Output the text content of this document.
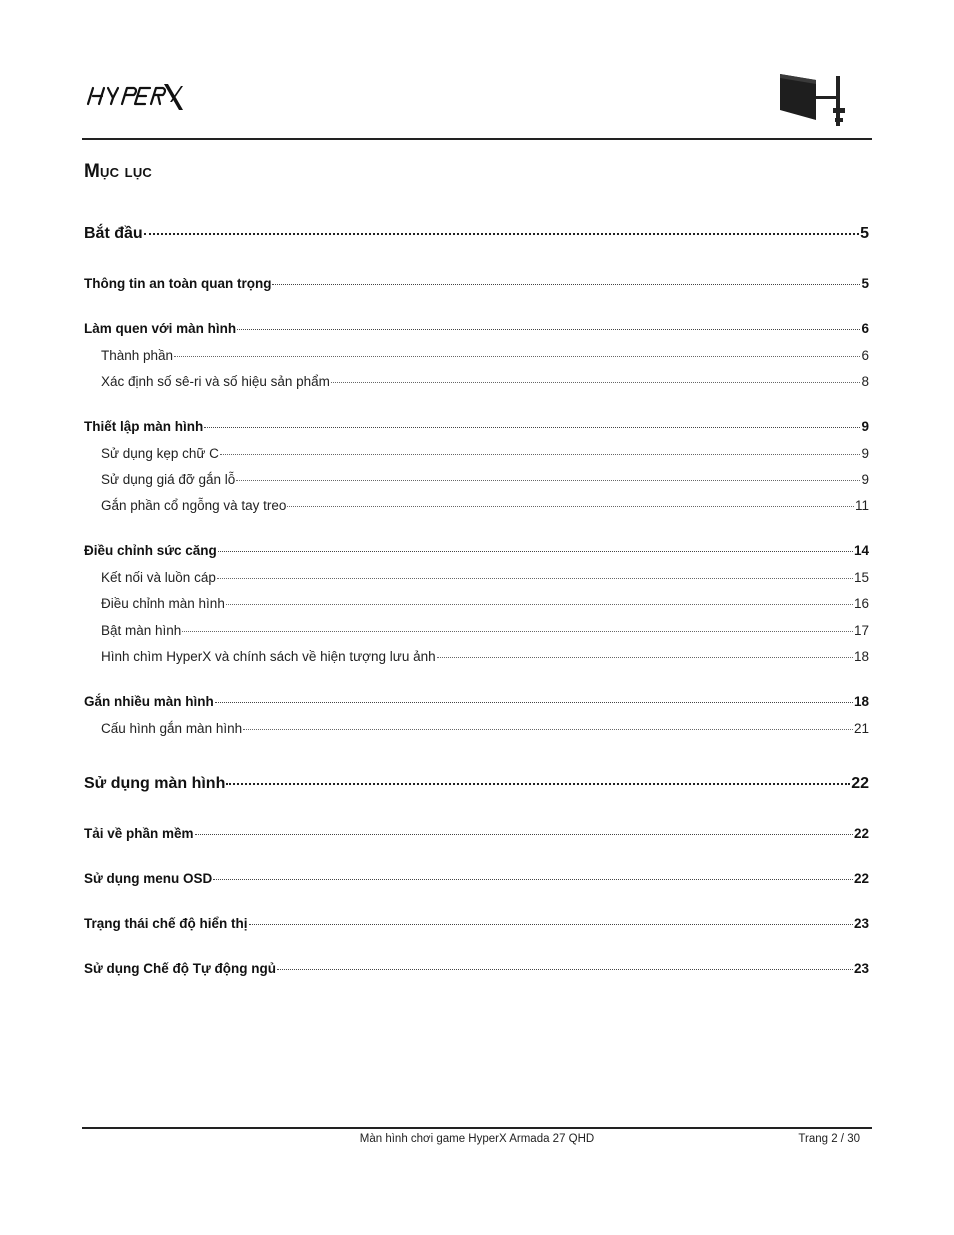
Mục lục
Bắt đầu	5
Thông tin an toàn quan trọng	5
Làm quen với màn hình	6
Thành phần	6
Xác định số sê-ri và số hiệu sản phẩm	8
Thiết lập màn hình	9
Sử dụng kẹp chữ C	9
Sử dụng giá đỡ gắn lỗ	9
Gắn phần cổ ngỗng và tay treo	11
Điều chỉnh sức căng	14
Kết nối và luồn cáp	15
Điều chỉnh màn hình	16
Bật màn hình	17
Hình chìm HyperX và chính sách về hiện tượng lưu ảnh	18
Gắn nhiều màn hình	18
Cấu hình gắn màn hình	21
Sử dụng màn hình	22
Tải về phần mềm	22
Sử dụng menu OSD	22
Trạng thái chế độ hiển thị	23
Sử dụng Chế độ Tự động ngủ	23
Màn hình chơi game HyperX Armada 27 QHD	Trang 2 / 30
